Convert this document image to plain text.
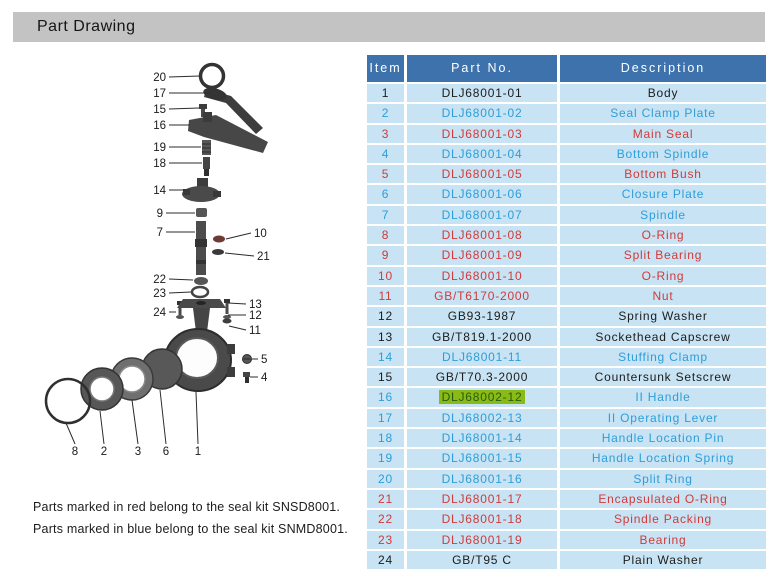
Part Drawing
20
17
15
16
19
18
14
9
7	10
21
22
23
24
13
12
11
5
4
8 2 3 6 1
Item	Part No.	Description
1	DLJ68001-01	Body
2	DLJ68001-02	Seal Clamp Plate
3	DLJ68001-03	Main Seal
4	DLJ68001-04	Bottom Spindle
5	DLJ68001-05	Bottom Bush
6	DLJ68001-06	Closure Plate
7	DLJ68001-07	Spindle
8	DLJ68001-08	O-Ring
9	DLJ68001-09	Split Bearing
10	DLJ68001-10	O-Ring
11	GB/T6170-2000	Nut
12	GB93-1987	Spring Washer
13	GB/T819.1-2000	Sockethead Capscrew
14	DLJ68001-11	Stuffing Clamp
15	GB/T70.3-2000	Countersunk Setscrew
16	DLJ68002-12	II Handle
17	DLJ68002-13	II Operating Lever
18	DLJ68001-14	Handle Location Pin
19	DLJ68001-15	Handle Location Spring
20	DLJ68001-16	Split Ring
21	DLJ68001-17	Encapsulated O-Ring
22	DLJ68001-18	Spindle Packing
23	DLJ68001-19	Bearing
24	GB/T95 C	Plain Washer
Parts marked in red belong to the seal kit SNSD8001.
Parts marked in blue belong to the seal kit SNMD8001.
